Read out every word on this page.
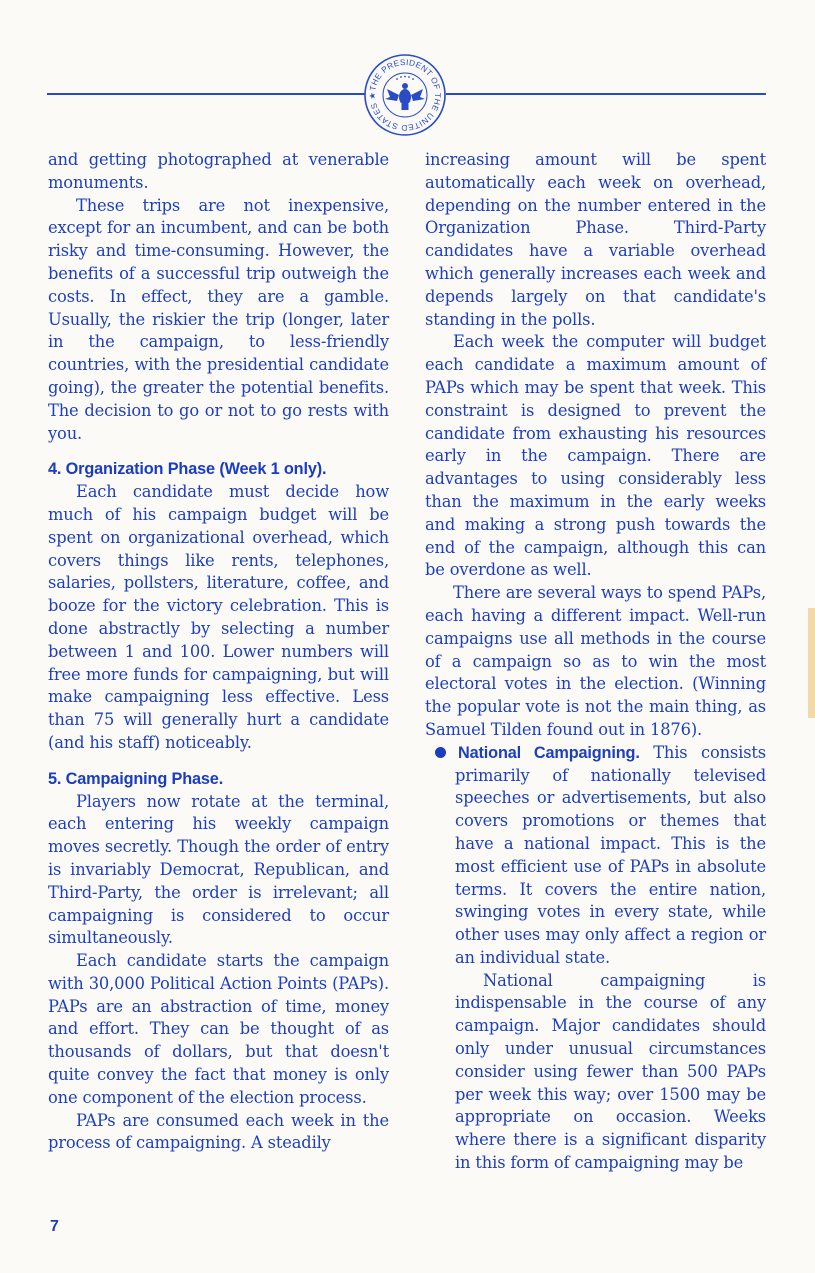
THE PRESIDENT OF THE UNITED STATES ★

and getting photographed at venerable monuments.

These trips are not inexpensive, except for an incumbent, and can be both risky and time-consuming. However, the benefits of a successful trip outweigh the costs. In effect, they are a gamble. Usually, the riskier the trip (longer, later in the campaign, to less-friendly countries, with the presidential candidate going), the greater the potential benefits. The decision to go or not to go rests with you.

4. Organization Phase (Week 1 only).

Each candidate must decide how much of his campaign budget will be spent on organizational overhead, which covers things like rents, telephones, salaries, pollsters, literature, coffee, and booze for the victory celebration. This is done abstractly by selecting a number between 1 and 100. Lower numbers will free more funds for campaigning, but will make campaigning less effective. Less than 75 will generally hurt a candidate (and his staff) noticeably.

5. Campaigning Phase.

Players now rotate at the terminal, each entering his weekly campaign moves secretly. Though the order of entry is invariably Democrat, Republican, and Third-Party, the order is irrelevant; all campaigning is considered to occur simultaneously.

Each candidate starts the campaign with 30,000 Political Action Points (PAPs). PAPs are an abstraction of time, money and effort. They can be thought of as thousands of dollars, but that doesn't quite convey the fact that money is only one component of the election process.

PAPs are consumed each week in the process of campaigning. A steadily

increasing amount will be spent automatically each week on overhead, depending on the number entered in the Organization Phase. Third-Party candidates have a variable overhead which generally increases each week and depends largely on that candidate's standing in the polls.

Each week the computer will budget each candidate a maximum amount of PAPs which may be spent that week. This constraint is designed to prevent the candidate from exhausting his resources early in the campaign. There are advantages to using considerably less than the maximum in the early weeks and making a strong push towards the end of the campaign, although this can be overdone as well.

There are several ways to spend PAPs, each having a different impact. Well-run campaigns use all methods in the course of a campaign so as to win the most electoral votes in the election. (Winning the popular vote is not the main thing, as Samuel Tilden found out in 1876).

National Campaigning. This consists primarily of nationally televised speeches or advertisements, but also covers promotions or themes that have a national impact. This is the most efficient use of PAPs in absolute terms. It covers the entire nation, swinging votes in every state, while other uses may only affect a region or an individual state.

National campaigning is indispensable in the course of any campaign. Major candidates should only under unusual circumstances consider using fewer than 500 PAPs per week this way; over 1500 may be appropriate on occasion. Weeks where there is a significant disparity in this form of campaigning may be

7
